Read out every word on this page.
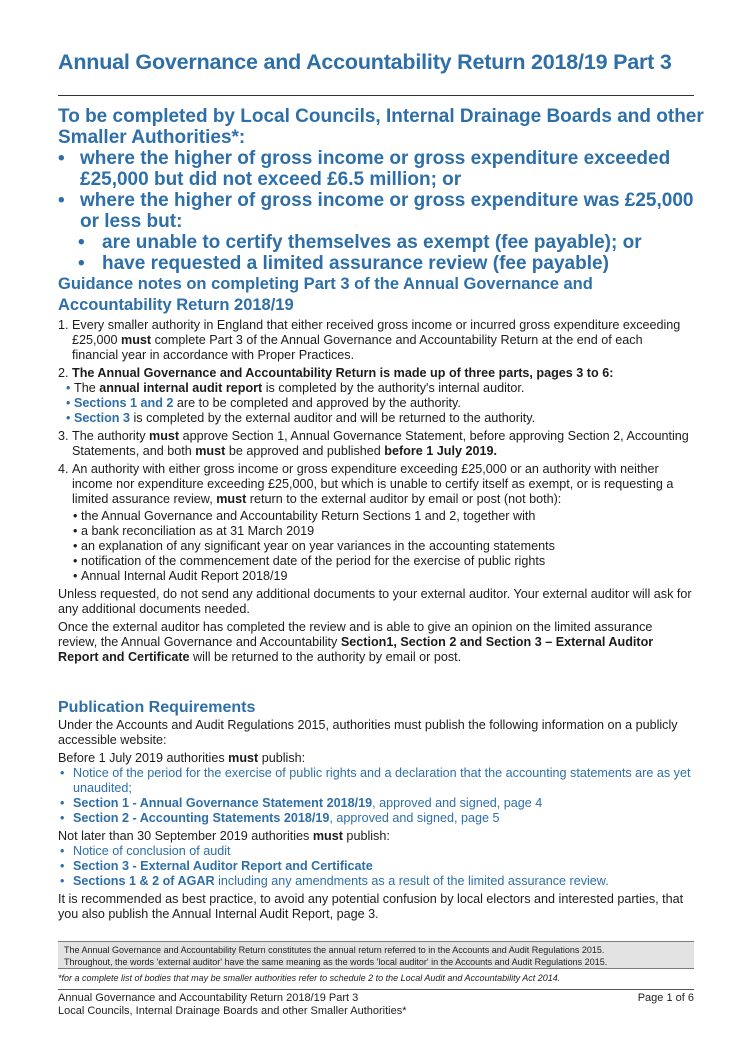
Annual Governance and Accountability Return 2018/19 Part 3

To be completed by Local Councils, Internal Drainage Boards and other Smaller Authorities*:

• where the higher of gross income or gross expenditure exceeded £25,000 but did not exceed £6.5 million; or

• where the higher of gross income or gross expenditure was £25,000 or less but:

• are unable to certify themselves as exempt (fee payable); or

• have requested a limited assurance review (fee payable)

Guidance notes on completing Part 3 of the Annual Governance and Accountability Return 2018/19

1. Every smaller authority in England that either received gross income or incurred gross expenditure exceeding £25,000 must complete Part 3 of the Annual Governance and Accountability Return at the end of each financial year in accordance with Proper Practices.

2. The Annual Governance and Accountability Return is made up of three parts, pages 3 to 6:

• The annual internal audit report is completed by the authority's internal auditor.

• Sections 1 and 2 are to be completed and approved by the authority.

• Section 3 is completed by the external auditor and will be returned to the authority.

3. The authority must approve Section 1, Annual Governance Statement, before approving Section 2, Accounting Statements, and both must be approved and published before 1 July 2019.

4. An authority with either gross income or gross expenditure exceeding £25,000 or an authority with neither income nor expenditure exceeding £25,000, but which is unable to certify itself as exempt, or is requesting a limited assurance review, must return to the external auditor by email or post (not both):

• the Annual Governance and Accountability Return Sections 1 and 2, together with

• a bank reconciliation as at 31 March 2019

• an explanation of any significant year on year variances in the accounting statements

• notification of the commencement date of the period for the exercise of public rights

• Annual Internal Audit Report 2018/19

Unless requested, do not send any additional documents to your external auditor. Your external auditor will ask for any additional documents needed.

Once the external auditor has completed the review and is able to give an opinion on the limited assurance review, the Annual Governance and Accountability Section1, Section 2 and Section 3 – External Auditor Report and Certificate will be returned to the authority by email or post.

Publication Requirements

Under the Accounts and Audit Regulations 2015, authorities must publish the following information on a publicly accessible website:

Before 1 July 2019 authorities must publish:

• Notice of the period for the exercise of public rights and a declaration that the accounting statements are as yet unaudited;

• Section 1 - Annual Governance Statement 2018/19, approved and signed, page 4

• Section 2 - Accounting Statements 2018/19, approved and signed, page 5

Not later than 30 September 2019 authorities must publish:

• Notice of conclusion of audit

• Section 3 - External Auditor Report and Certificate

• Sections 1 & 2 of AGAR including any amendments as a result of the limited assurance review.

It is recommended as best practice, to avoid any potential confusion by local electors and interested parties, that you also publish the Annual Internal Audit Report, page 3.

The Annual Governance and Accountability Return constitutes the annual return referred to in the Accounts and Audit Regulations 2015.
Throughout, the words 'external auditor' have the same meaning as the words 'local auditor' in the Accounts and Audit Regulations 2015.
*for a complete list of bodies that may be smaller authorities refer to schedule 2 to the Local Audit and Accountability Act 2014.
Annual Governance and Accountability Return 2018/19 Part 3
Local Councils, Internal Drainage Boards and other Smaller Authorities*
Page 1 of 6
